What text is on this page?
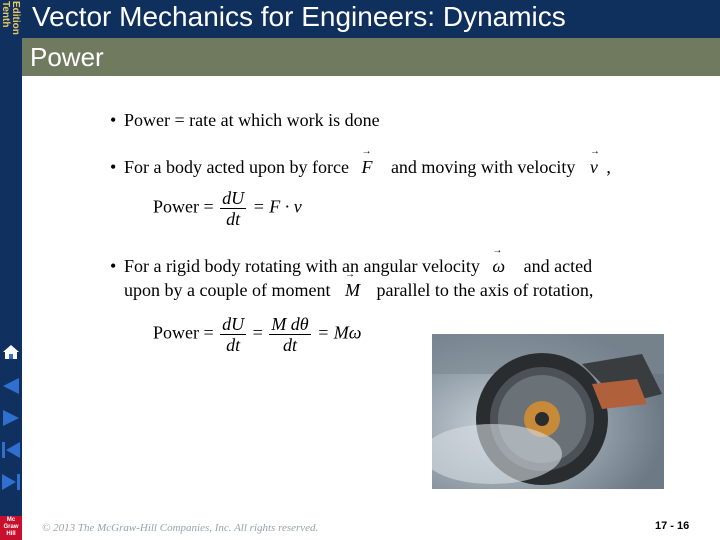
Tenth Edition
Mc
Graw
Hill
Vector Mechanics for Engineers: Dynamics
Power
• Power = rate at which work is done
• For a body acted upon by force → F and moving with velocity → v ,
Power = $\frac{dU}{dt} = F \cdot v$
• For a rigid body rotating with an angular velocity → ω and acted
upon by a couple of moment → M parallel to the axis of rotation,
Power = $\frac{dU}{dt} = \frac{\text{M dθ}}{dt} = M\omega$
© 2013 The McGraw-Hill Companies, Inc. All rights reserved.	17 - 16
